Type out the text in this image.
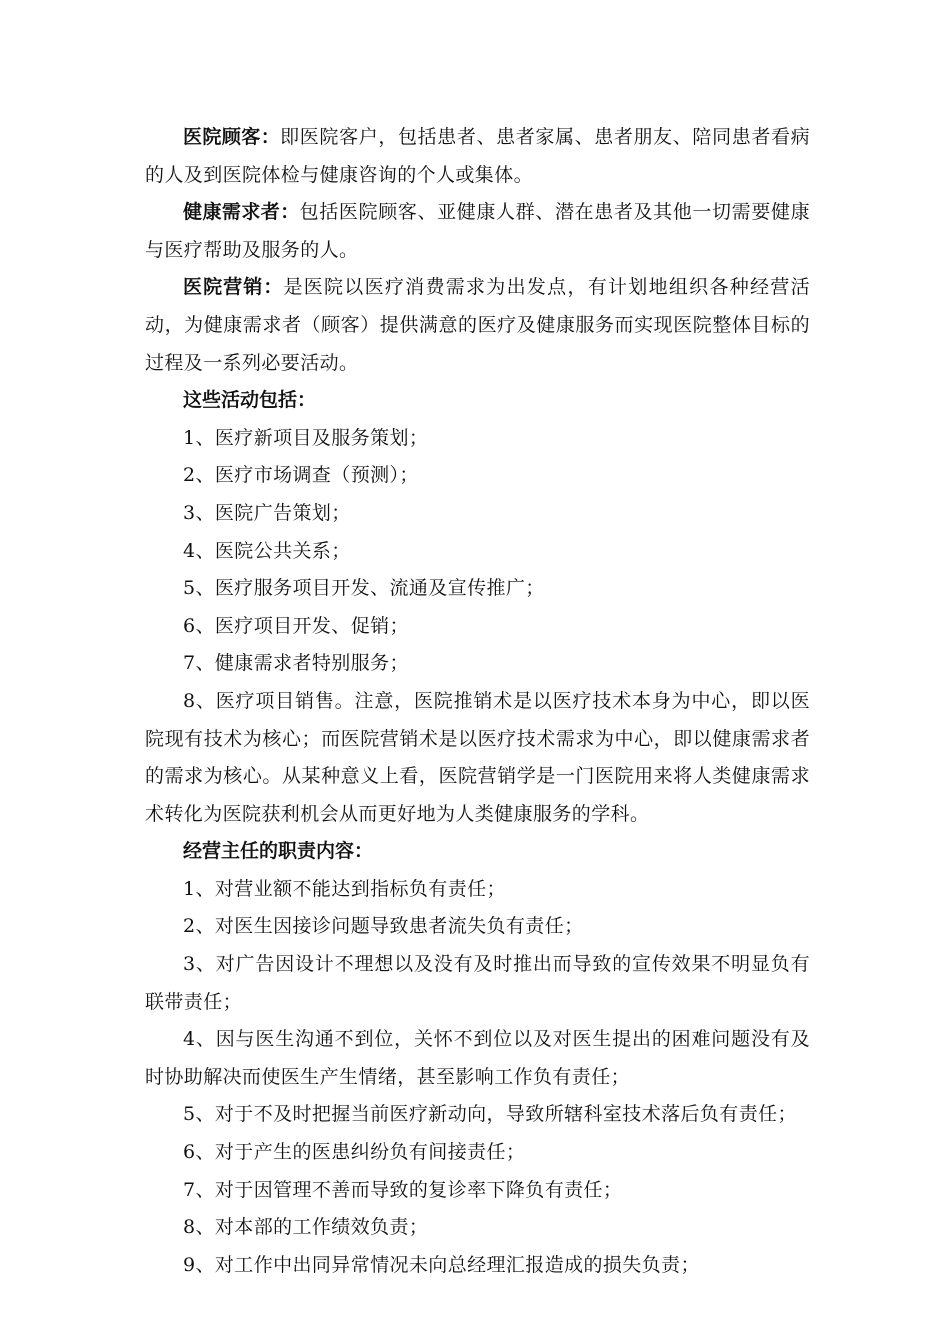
医院顾客：即医院客户，包括患者、患者家属、患者朋友、陪同患者看病的人及到医院体检与健康咨询的个人或集体。

健康需求者：包括医院顾客、亚健康人群、潜在患者及其他一切需要健康与医疗帮助及服务的人。

医院营销：是医院以医疗消费需求为出发点，有计划地组织各种经营活动，为健康需求者（顾客）提供满意的医疗及健康服务而实现医院整体目标的过程及一系列必要活动。

这些活动包括：

1、医疗新项目及服务策划；

2、医疗市场调查（预测）；

3、医院广告策划；

4、医院公共关系；

5、医疗服务项目开发、流通及宣传推广；

6、医疗项目开发、促销；

7、健康需求者特别服务；

8、医疗项目销售。注意，医院推销术是以医疗技术本身为中心，即以医院现有技术为核心；而医院营销术是以医疗技术需求为中心，即以健康需求者的需求为核心。从某种意义上看，医院营销学是一门医院用来将人类健康需求术转化为医院获利机会从而更好地为人类健康服务的学科。

经营主任的职责内容：

1、对营业额不能达到指标负有责任；

2、对医生因接诊问题导致患者流失负有责任；

3、对广告因设计不理想以及没有及时推出而导致的宣传效果不明显负有联带责任；

4、因与医生沟通不到位，关怀不到位以及对医生提出的困难问题没有及时协助解决而使医生产生情绪，甚至影响工作负有责任；

5、对于不及时把握当前医疗新动向，导致所辖科室技术落后负有责任；

6、对于产生的医患纠纷负有间接责任；

7、对于因管理不善而导致的复诊率下降负有责任；

8、对本部的工作绩效负责；

9、对工作中出同异常情况未向总经理汇报造成的损失负责；
